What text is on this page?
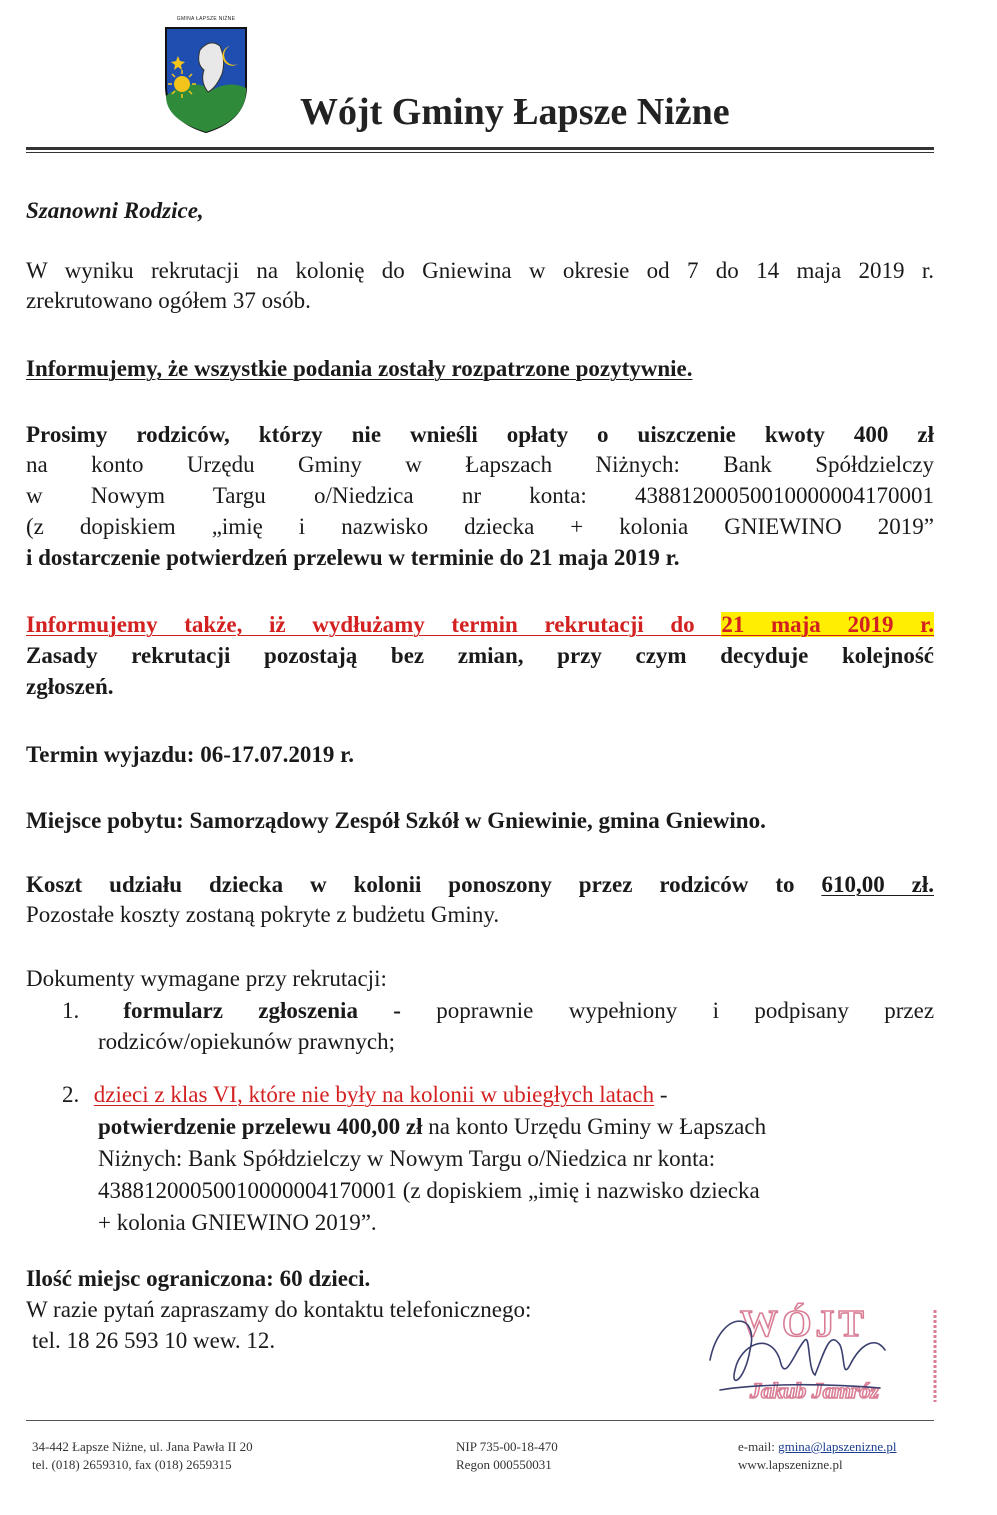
GMINA ŁAPSZE NIŻNE
Wójt Gminy Łapsze Niżne

Szanowni Rodzice,

W wyniku rekrutacji na kolonię do Gniewina w okresie od 7 do 14 maja 2019 r.

zrekrutowano ogółem 37 osób.

Informujemy, że wszystkie podania zostały rozpatrzone pozytywnie.

Prosimy rodziców, którzy nie wnieśli opłaty o uiszczenie kwoty 400 zł

na konto Urzędu Gminy w Łapszach Niżnych: Bank Spółdzielczy

w Nowym Targu o/Niedzica nr konta: 43881200050010000004170001

(z dopiskiem „imię i nazwisko dziecka + kolonia GNIEWINO 2019”

i dostarczenie potwierdzeń przelewu w terminie do 21 maja 2019 r.

Informujemy także, iż wydłużamy termin rekrutacji do 21 maja 2019 r.

Zasady rekrutacji pozostają bez zmian, przy czym decyduje kolejność

zgłoszeń.

Termin wyjazdu: 06-17.07.2019 r.

Miejsce pobytu: Samorządowy Zespół Szkół w Gniewinie, gmina Gniewino.

Koszt udziału dziecka w kolonii ponoszony przez rodziców to 610,00 zł.

Pozostałe koszty zostaną pokryte z budżetu Gminy.

Dokumenty wymagane przy rekrutacji:

1. formularz zgłoszenia - poprawnie wypełniony i podpisany przez

rodziców/opiekunów prawnych;

2. dzieci z klas VI, które nie były na kolonii w ubiegłych latach -

potwierdzenie przelewu 400,00 zł na konto Urzędu Gminy w Łapszach

Niżnych: Bank Spółdzielczy w Nowym Targu o/Niedzica nr konta:

43881200050010000004170001 (z dopiskiem „imię i nazwisko dziecka

+ kolonia GNIEWINO 2019”.

Ilość miejsc ograniczona: 60 dzieci.

W razie pytań zapraszamy do kontaktu telefonicznego:

tel. 18 26 593 10 wew. 12.	WÓJT
Jakub Jamróz
34-442 Łapsze Niżne, ul. Jana Pawła II 20
tel. (018) 2659310, fax (018) 2659315
NIP 735-00-18-470
Regon 000550031
e-mail: gmina@lapszenizne.pl
www.lapszenizne.pl
